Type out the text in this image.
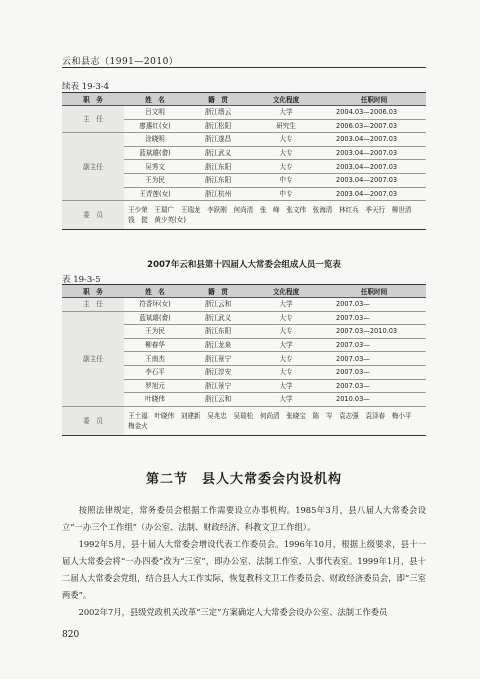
云和县志（1991—2010）
续表 19-3-4
职　务	姓　名	籍　贯	文化程度	任职时间
主　任	吕文明	浙江缙云	大学	2004.03—2006.03
	廖惠红(女)	浙江松阳	研究生	2006.03—2007.03
副主任	涂晓明	浙江遂昌	大专	2003.04—2007.03
	蓝斌雄(畲)	浙江武义	大专	2003.04—2007.03
	吴秀文	浙江东阳	大专	2003.04—2007.03
	王为民	浙江东阳	中专	2003.04—2007.03
	王青莲(女)	浙江杭州	中专	2003.04—2007.03
委　员	王少荣　王瑞广　王瑞龙　李跃刚　何尚清　张　峰　张文伟　张海清　林红兵　季天行　柳世清　钱　挺　黄少英(女)			
2007年云和县第十四届人大常委会组成人员一览表
表 19-3-5
职　务	姓　名	籍　贯	文化程度	任职时间
主　任	符香环(女)	浙江云和	大学	2007.03—
副主任	蓝斌雄(畲)	浙江武义	大专	2007.03—
	王为民	浙江东阳	大专	2007.03—2010.03
	柳春华	浙江龙泉	大学	2007.03—
	王南杰	浙江景宁	大专	2007.03—
	李石平	浙江淳安	大专	2007.03—
	罗旭元	浙江景宁	大学	2007.03—
	叶晓伟	浙江云和	大学	2010.03—
委　员	王土福　叶晓伟　刘建新　吴兆忠　吴瑞松　何尚清　张晓宝　陈　岑　袁志强　袁泽春　梅小平　梅金火			
第二节　县人大常委会内设机构

按照法律规定，常务委员会根据工作需要设立办事机构。1985年3月，县八届人大常委会设立“一办三个工作组”（办公室、法制、财政经济、科教文卫工作组）。

1992年5月，县十届人大常委会增设代表工作委员会。1996年10月，根据上级要求，县十一届人大常委会将“一办四委”改为“三室”，即办公室、法制工作室、人事代表室。1999年1月，县十二届人大常委会党组，结合县人大工作实际，恢复教科文卫工作委员会、财政经济委员会，即“三室两委”。

2002年7月，县级党政机关改革“三定”方案确定人大常委会设办公室、法制工作委员

820
